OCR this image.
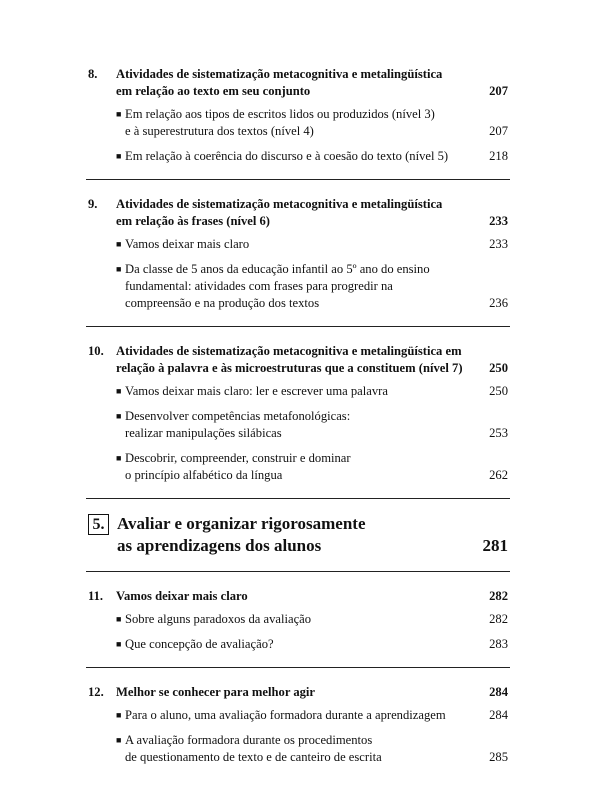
8.	Atividades de sistematização metacognitiva e metalingüística
em relação ao texto em seu conjunto	207
■ Em relação aos tipos de escritos lidos ou produzidos (nível 3)
e à superestrutura dos textos (nível 4)	207
■ Em relação à coerência do discurso e à coesão do texto (nível 5)	218
9.	Atividades de sistematização metacognitiva e metalingüística
em relação às frases (nível 6)	233
■ Vamos deixar mais claro	233
■ Da classe de 5 anos da educação infantil ao 5º ano do ensino
fundamental: atividades com frases para progredir na
compreensão e na produção dos textos	236
10. Atividades de sistematização metacognitiva e metalingüística em
relação à palavra e às microestruturas que a constituem (nível 7)	250
■ Vamos deixar mais claro: ler e escrever uma palavra	250
■ Desenvolver competências metafonológicas:
realizar manipulações silábicas	253
■ Descobrir, compreender, construir e dominar
o princípio alfabético da língua	262
5. Avaliar e organizar rigorosamente
as aprendizagens dos alunos	281
11.	Vamos deixar mais claro	282
■ Sobre alguns paradoxos da avaliação	282
■ Que concepção de avaliação?	283
12. Melhor se conhecer para melhor agir	284
■ Para o aluno, uma avaliação formadora durante a aprendizagem	284
■ A avaliação formadora durante os procedimentos
de questionamento de texto e de canteiro de escrita	285
